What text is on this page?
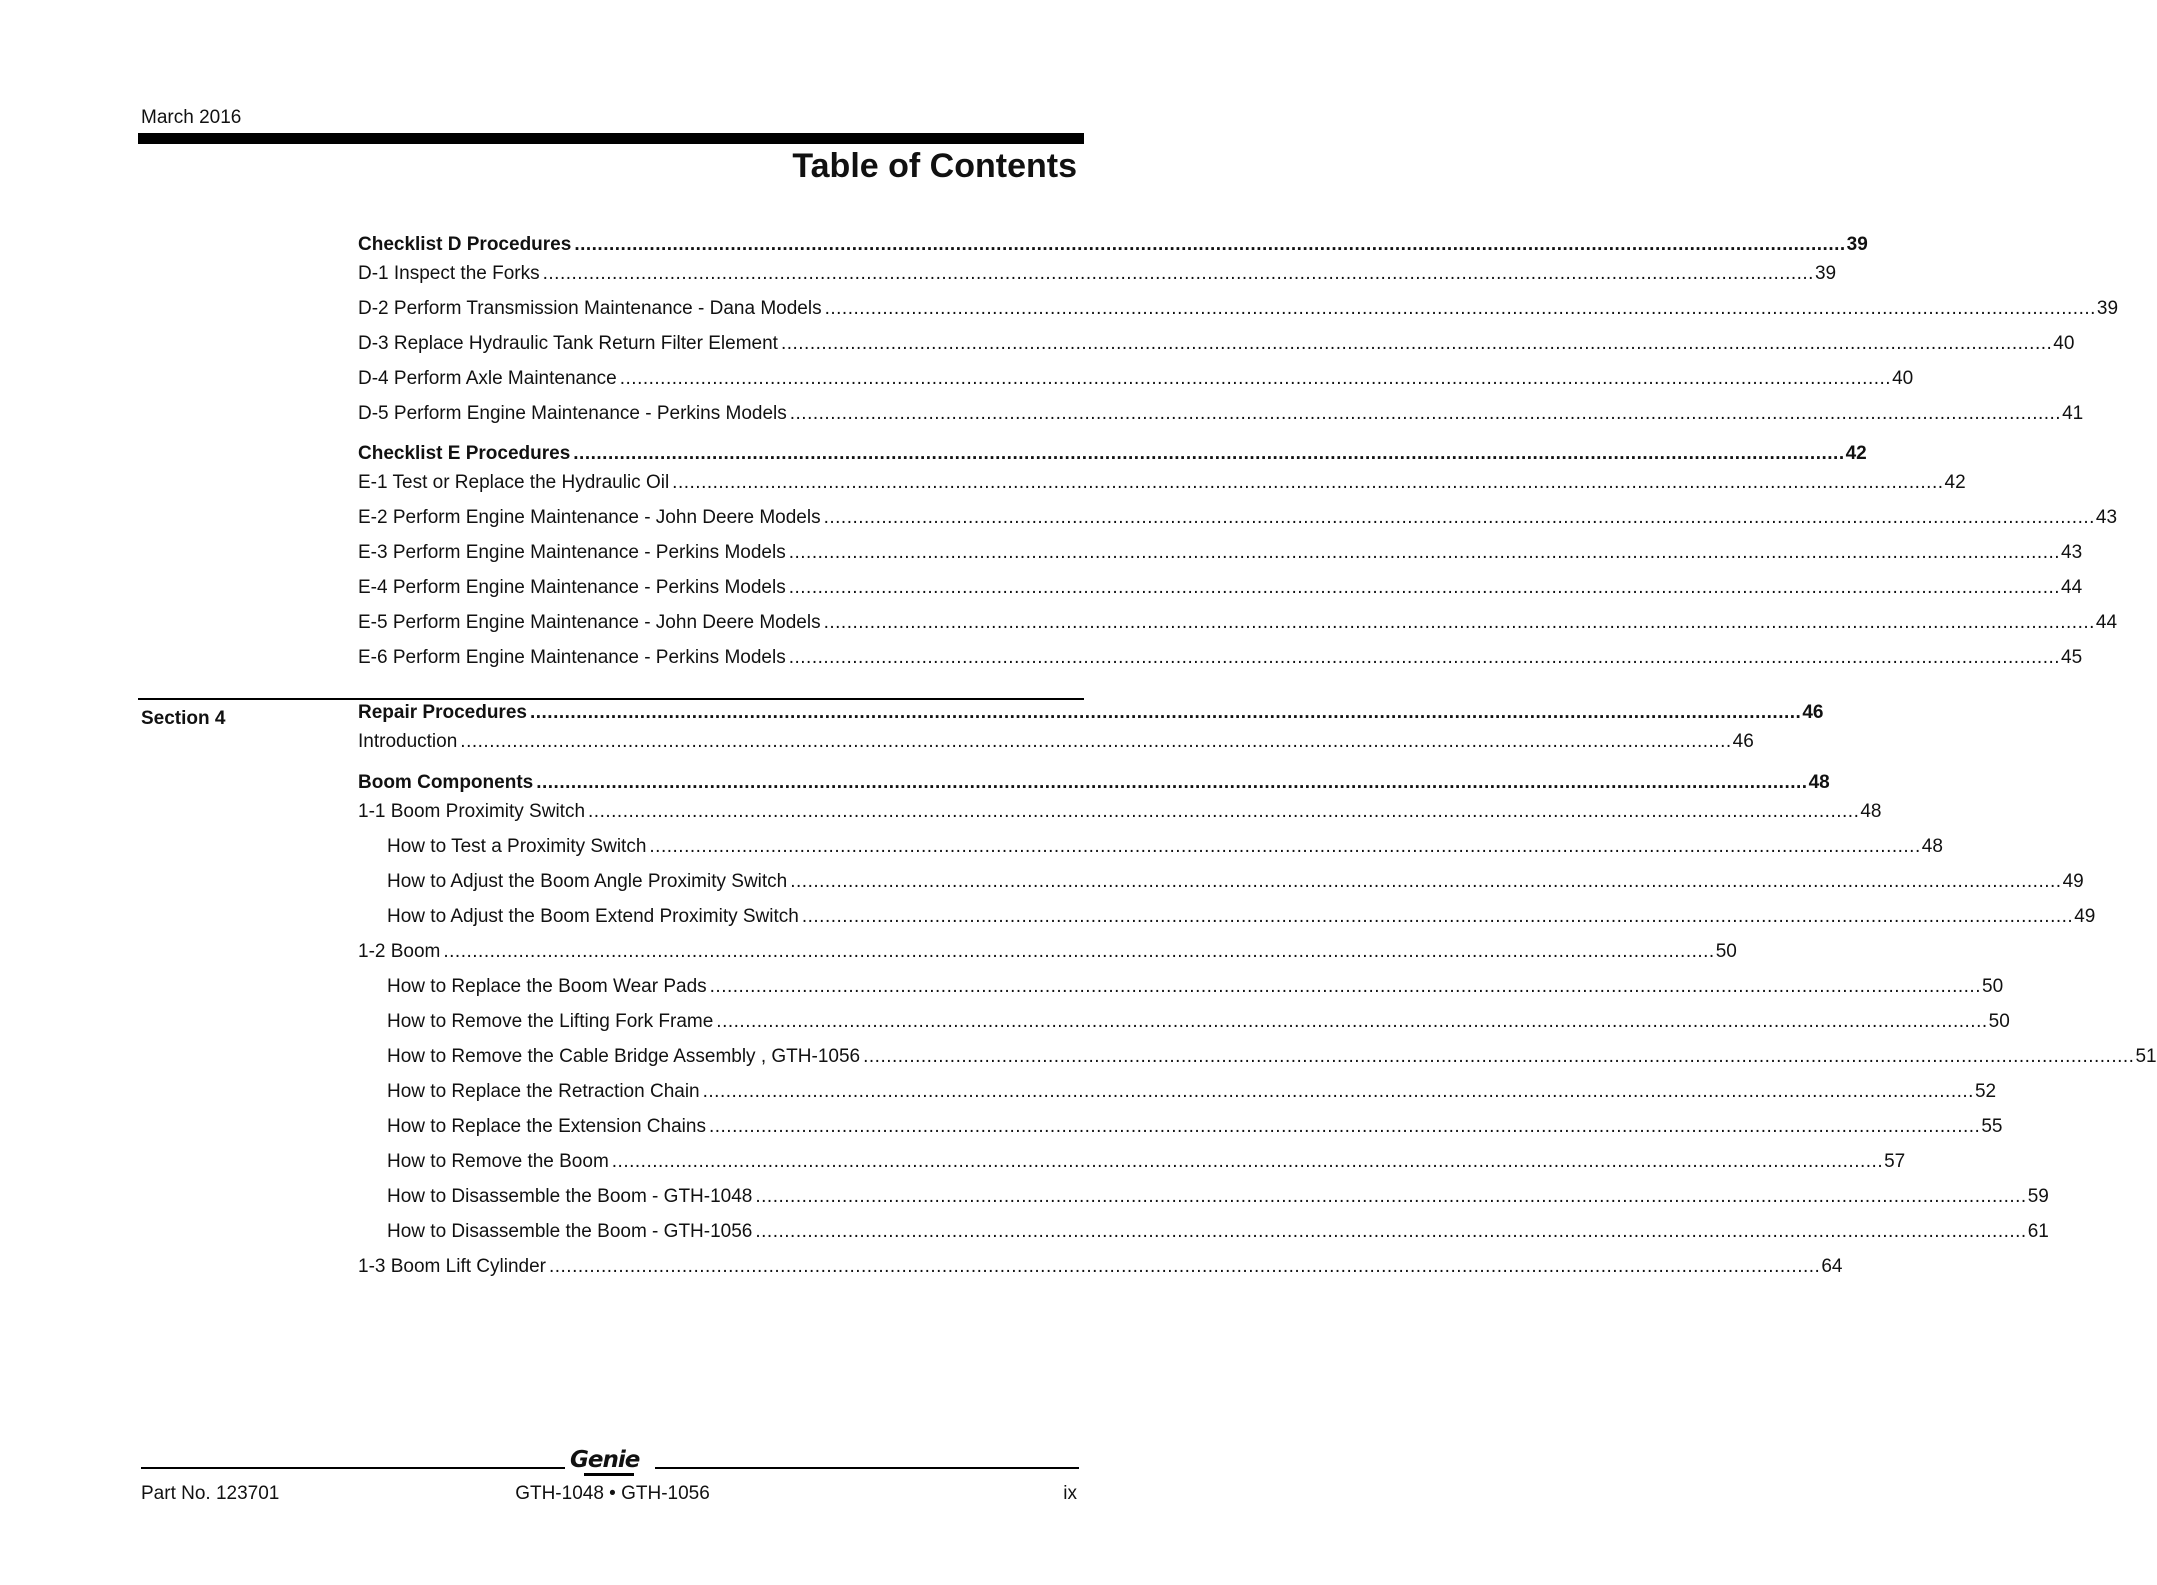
March 2016
Table of Contents
Checklist D Procedures ............................................................................................................................................................................................................................ 39
D-1 Inspect the Forks ............................................................................................................................................................................................................................ 39
D-2 Perform Transmission Maintenance - Dana Models ............................................................................................................................................................................................................................ 39
D-3 Replace Hydraulic Tank Return Filter Element ............................................................................................................................................................................................................................ 40
D-4 Perform Axle Maintenance ............................................................................................................................................................................................................................ 40
D-5 Perform Engine Maintenance - Perkins Models ............................................................................................................................................................................................................................ 41
Checklist E Procedures ............................................................................................................................................................................................................................ 42
E-1 Test or Replace the Hydraulic Oil ............................................................................................................................................................................................................................ 42
E-2 Perform Engine Maintenance - John Deere Models ............................................................................................................................................................................................................................ 43
E-3 Perform Engine Maintenance - Perkins Models ............................................................................................................................................................................................................................ 43
E-4 Perform Engine Maintenance - Perkins Models ............................................................................................................................................................................................................................ 44
E-5 Perform Engine Maintenance - John Deere Models ............................................................................................................................................................................................................................ 44
E-6 Perform Engine Maintenance - Perkins Models ............................................................................................................................................................................................................................ 45
Repair Procedures ............................................................................................................................................................................................................................ 46
Introduction ............................................................................................................................................................................................................................ 46
Boom Components ............................................................................................................................................................................................................................ 48
1-1 Boom Proximity Switch ............................................................................................................................................................................................................................ 48
How to Test a Proximity Switch ............................................................................................................................................................................................................................ 48
How to Adjust the Boom Angle Proximity Switch ............................................................................................................................................................................................................................ 49
How to Adjust the Boom Extend Proximity Switch ............................................................................................................................................................................................................................ 49
1-2 Boom ............................................................................................................................................................................................................................ 50
How to Replace the Boom Wear Pads ............................................................................................................................................................................................................................ 50
How to Remove the Lifting Fork Frame ............................................................................................................................................................................................................................ 50
How to Remove the Cable Bridge Assembly , GTH-1056 ............................................................................................................................................................................................................................ 51
How to Replace the Retraction Chain ............................................................................................................................................................................................................................ 52
How to Replace the Extension Chains ............................................................................................................................................................................................................................ 55
How to Remove the Boom ............................................................................................................................................................................................................................ 57
How to Disassemble the Boom - GTH-1048 ............................................................................................................................................................................................................................ 59
How to Disassemble the Boom - GTH-1056 ............................................................................................................................................................................................................................ 61
1-3 Boom Lift Cylinder ............................................................................................................................................................................................................................ 64
Section 4
Genie
Part No. 123701	GTH-1048 • GTH-1056	ix
